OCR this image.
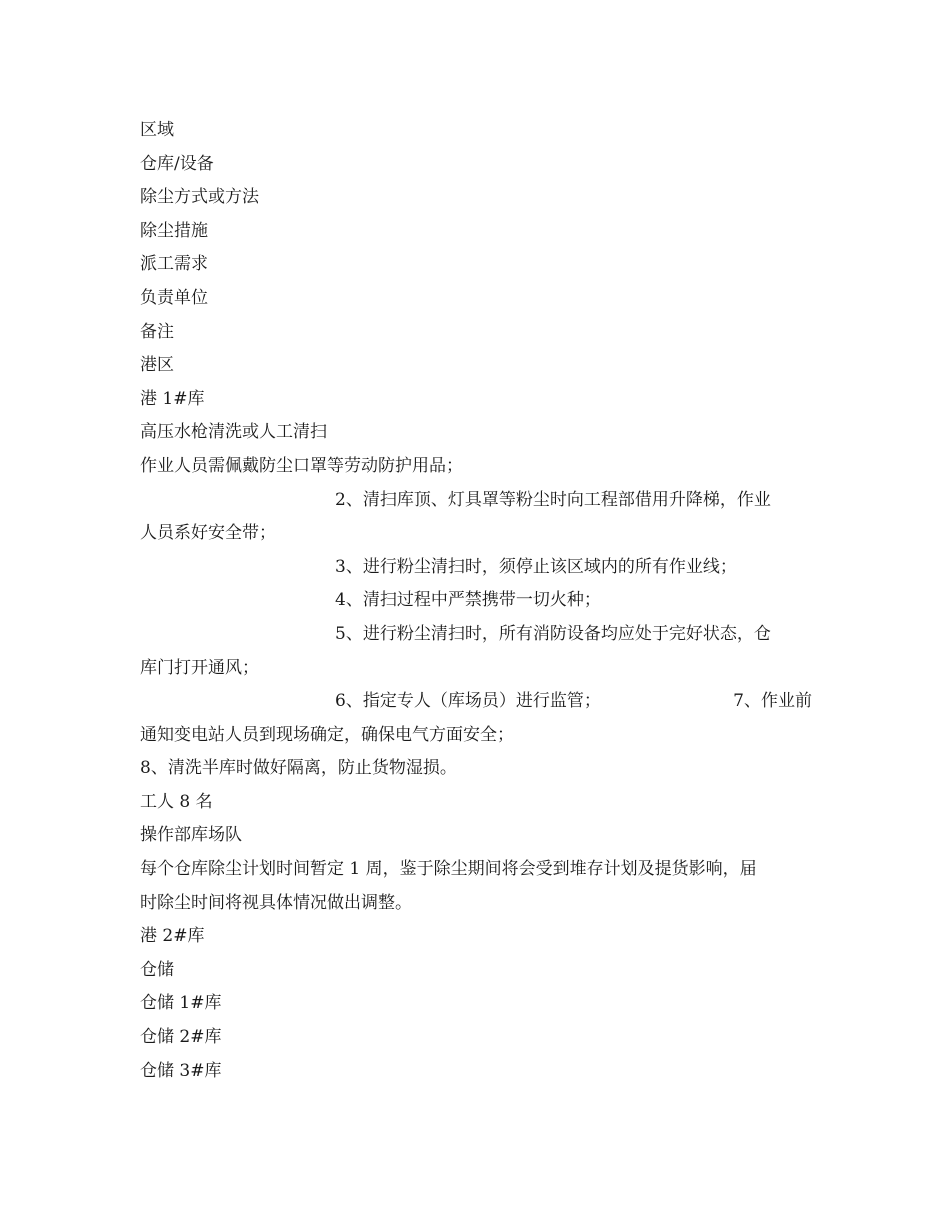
区域
仓库/设备
除尘方式或方法
除尘措施
派工需求
负责单位
备注
港区
港 1#库
高压水枪清洗或人工清扫
作业人员需佩戴防尘口罩等劳动防护用品；
2、清扫库顶、灯具罩等粉尘时向工程部借用升降梯，作业
人员系好安全带；
3、进行粉尘清扫时，须停止该区域内的所有作业线；
4、清扫过程中严禁携带一切火种；
5、进行粉尘清扫时，所有消防设备均应处于完好状态，仓
库门打开通风；
6、指定专人（库场员）进行监管；	7、作业前
通知变电站人员到现场确定，确保电气方面安全；
8、清洗半库时做好隔离，防止货物湿损。
工人 8 名
操作部库场队
每个仓库除尘计划时间暂定 1 周，鉴于除尘期间将会受到堆存计划及提货影响，届
时除尘时间将视具体情况做出调整。
港 2#库
仓储
仓储 1#库
仓储 2#库
仓储 3#库
